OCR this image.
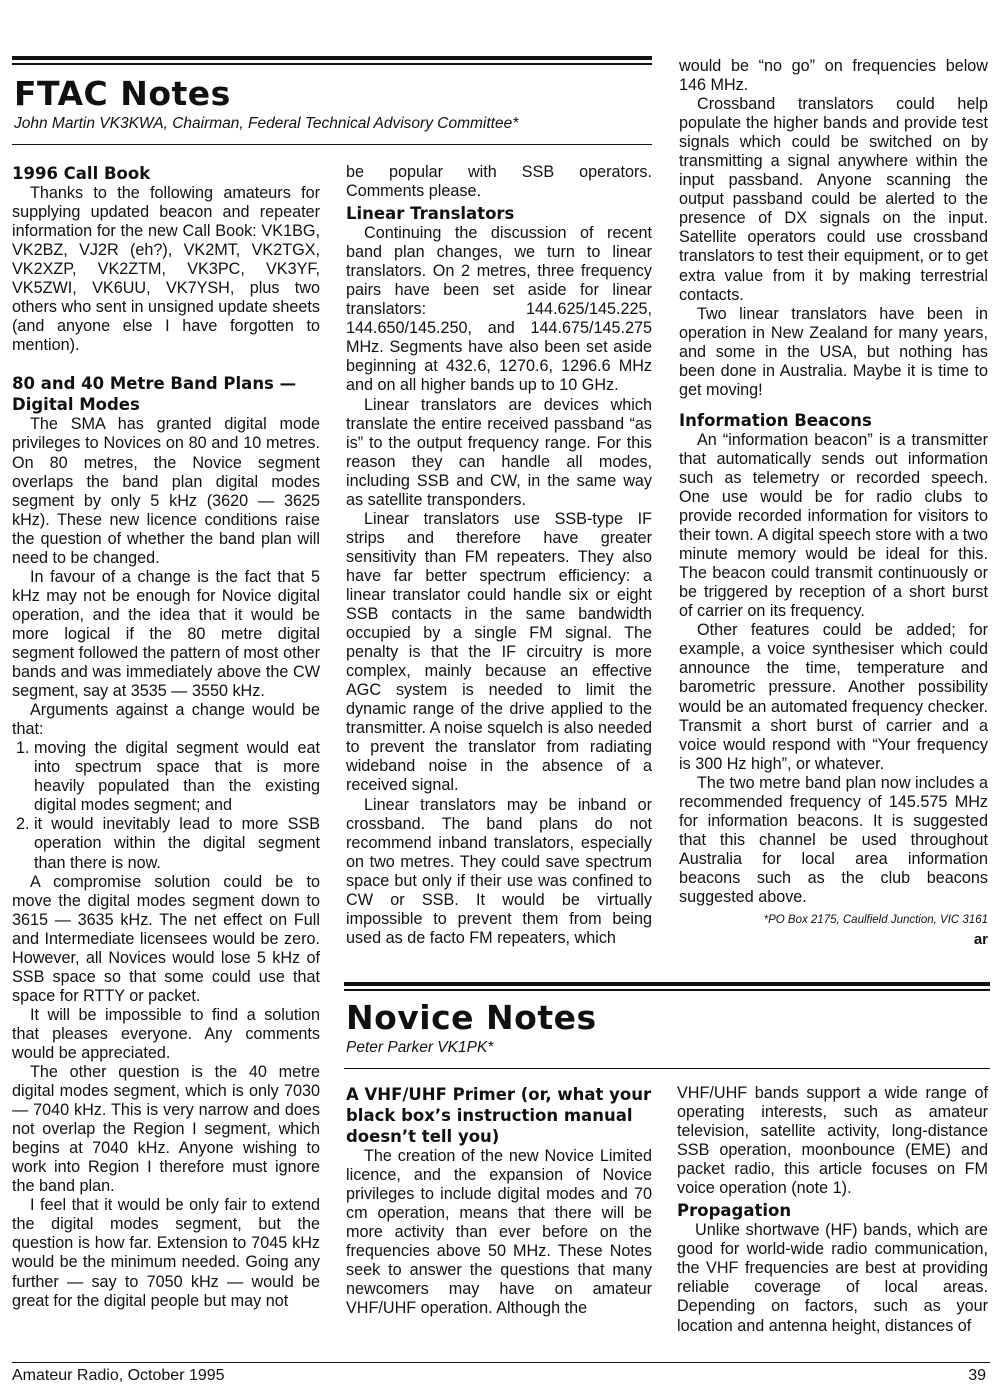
FTAC Notes
John Martin VK3KWA, Chairman, Federal Technical Advisory Committee*
1996 Call Book

Thanks to the following amateurs for supplying updated beacon and repeater information for the new Call Book: VK1BG, VK2BZ, VJ2R (eh?), VK2MT, VK2TGX, VK2XZP, VK2ZTM, VK3PC, VK3YF, VK5ZWI, VK6UU, VK7YSH, plus two others who sent in unsigned update sheets (and anyone else I have forgotten to mention).

80 and 40 Metre Band Plans — Digital Modes

The SMA has granted digital mode privileges to Novices on 80 and 10 metres. On 80 metres, the Novice segment overlaps the band plan digital modes segment by only 5 kHz (3620 — 3625 kHz). These new licence conditions raise the question of whether the band plan will need to be changed.

In favour of a change is the fact that 5 kHz may not be enough for Novice digital operation, and the idea that it would be more logical if the 80 metre digital segment followed the pattern of most other bands and was immediately above the CW segment, say at 3535 — 3550 kHz.

Arguments against a change would be that:

1. moving the digital segment would eat into spectrum space that is more heavily populated than the existing digital modes segment; and
2. it would inevitably lead to more SSB operation within the digital segment than there is now.

A compromise solution could be to move the digital modes segment down to 3615 — 3635 kHz. The net effect on Full and Intermediate licensees would be zero. However, all Novices would lose 5 kHz of SSB space so that some could use that space for RTTY or packet.

It will be impossible to find a solution that pleases everyone. Any comments would be appreciated.

The other question is the 40 metre digital modes segment, which is only 7030 — 7040 kHz. This is very narrow and does not overlap the Region I segment, which begins at 7040 kHz. Anyone wishing to work into Region I therefore must ignore the band plan.

I feel that it would be only fair to extend the digital modes segment, but the question is how far. Extension to 7045 kHz would be the minimum needed. Going any further — say to 7050 kHz — would be great for the digital people but may not

be popular with SSB operators. Comments please.

Linear Translators

Continuing the discussion of recent band plan changes, we turn to linear translators. On 2 metres, three frequency pairs have been set aside for linear translators: 144.625/145.225, 144.650/145.250, and 144.675/145.275 MHz. Segments have also been set aside beginning at 432.6, 1270.6, 1296.6 MHz and on all higher bands up to 10 GHz.

Linear translators are devices which translate the entire received passband “as is” to the output frequency range. For this reason they can handle all modes, including SSB and CW, in the same way as satellite transponders.

Linear translators use SSB-type IF strips and therefore have greater sensitivity than FM repeaters. They also have far better spectrum efficiency: a linear translator could handle six or eight SSB contacts in the same bandwidth occupied by a single FM signal. The penalty is that the IF circuitry is more complex, mainly because an effective AGC system is needed to limit the dynamic range of the drive applied to the transmitter. A noise squelch is also needed to prevent the translator from radiating wideband noise in the absence of a received signal.

Linear translators may be inband or crossband. The band plans do not recommend inband translators, especially on two metres. They could save spectrum space but only if their use was confined to CW or SSB. It would be virtually impossible to prevent them from being used as de facto FM repeaters, which

would be “no go” on frequencies below 146 MHz.

Crossband translators could help populate the higher bands and provide test signals which could be switched on by transmitting a signal anywhere within the input passband. Anyone scanning the output passband could be alerted to the presence of DX signals on the input. Satellite operators could use crossband translators to test their equipment, or to get extra value from it by making terrestrial contacts.

Two linear translators have been in operation in New Zealand for many years, and some in the USA, but nothing has been done in Australia. Maybe it is time to get moving!

Information Beacons

An “information beacon” is a transmitter that automatically sends out information such as telemetry or recorded speech. One use would be for radio clubs to provide recorded information for visitors to their town. A digital speech store with a two minute memory would be ideal for this. The beacon could transmit continuously or be triggered by reception of a short burst of carrier on its frequency.

Other features could be added; for example, a voice synthesiser which could announce the time, temperature and barometric pressure. Another possibility would be an automated frequency checker. Transmit a short burst of carrier and a voice would respond with “Your frequency is 300 Hz high”, or whatever.

The two metre band plan now includes a recommended frequency of 145.575 MHz for information beacons. It is suggested that this channel be used throughout Australia for local area information beacons such as the club beacons suggested above.

*PO Box 2175, Caulfield Junction, VIC 3161
ar
Novice Notes
Peter Parker VK1PK*
A VHF/UHF Primer (or, what your black box’s instruction manual doesn’t tell you)

The creation of the new Novice Limited licence, and the expansion of Novice privileges to include digital modes and 70 cm operation, means that there will be more activity than ever before on the frequencies above 50 MHz. These Notes seek to answer the questions that many newcomers may have on amateur VHF/UHF operation. Although the

VHF/UHF bands support a wide range of operating interests, such as amateur television, satellite activity, long-distance SSB operation, moonbounce (EME) and packet radio, this article focuses on FM voice operation (note 1).

Propagation

Unlike shortwave (HF) bands, which are good for world-wide radio communication, the VHF frequencies are best at providing reliable coverage of local areas. Depending on factors, such as your location and antenna height, distances of

Amateur Radio, October 1995	39
